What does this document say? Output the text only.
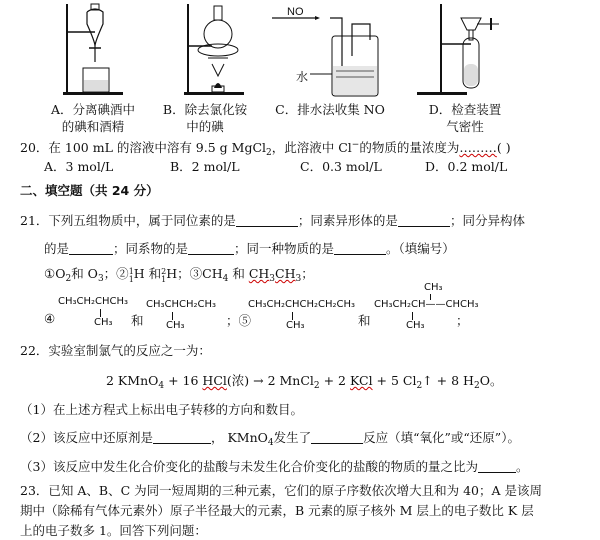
NO
水
A．分离碘酒中
的碘和酒精
B．除去氯化铵
中的碘
C．排水法收集 NO	D．检查装置
气密性
20．在 100 mL 的溶液中溶有 9.5 g MgCl$_2$，此溶液中 Cl−的物质的量浓度为………( )
A．3 mol/L	B．2 mol/L	C．0.3 mol/L	D．0.2 mol/L
二、填空题（共 24 分）
21．下列五组物质中，属于同位素的是	；同素异形体的是	；同分异构体
的是	；同系物的是	；同一种物质的是	。（填编号）
$①O_2$和 $O_3$；② 1
1 H 和 2
1 H；$③CH_4$ 和 $CH_3CH_3$；
④
CH₃CH₂CHCH₃
CH₃ 和
CH₃CHCH₂CH₃
CH₃	；⑤
CH₃CH₂CHCH₂CH₂CH₃
CH₃	和
CH₃
CH₃CH₂CH——CHCH₃
CH₃	；
22．实验室制氯气的反应之一为：
2 KMnO$_4$ + 16 HCl(浓) → 2 MnCl$_2$ + 2 KCl + 5 $Cl_2↑ + 8$ $H_2O$。
（1）在上述方程式上标出电子转移的方向和数目。
（2）该反应中还原剂是	， KMnO$_4$发生了	反应（填“氧化”或“还原”）。
（3）该反应中发生化合价变化的盐酸与未发生化合价变化的盐酸的物质的量之比为	。
23．已知 A、B、C 为同一短周期的三种元素，它们的原子序数依次增大且和为 40；A 是该周
期中（除稀有气体元素外）原子半径最大的元素，B 元素的原子核外 M 层上的电子数比 K 层
上的电子数多 1。回答下列问题：
